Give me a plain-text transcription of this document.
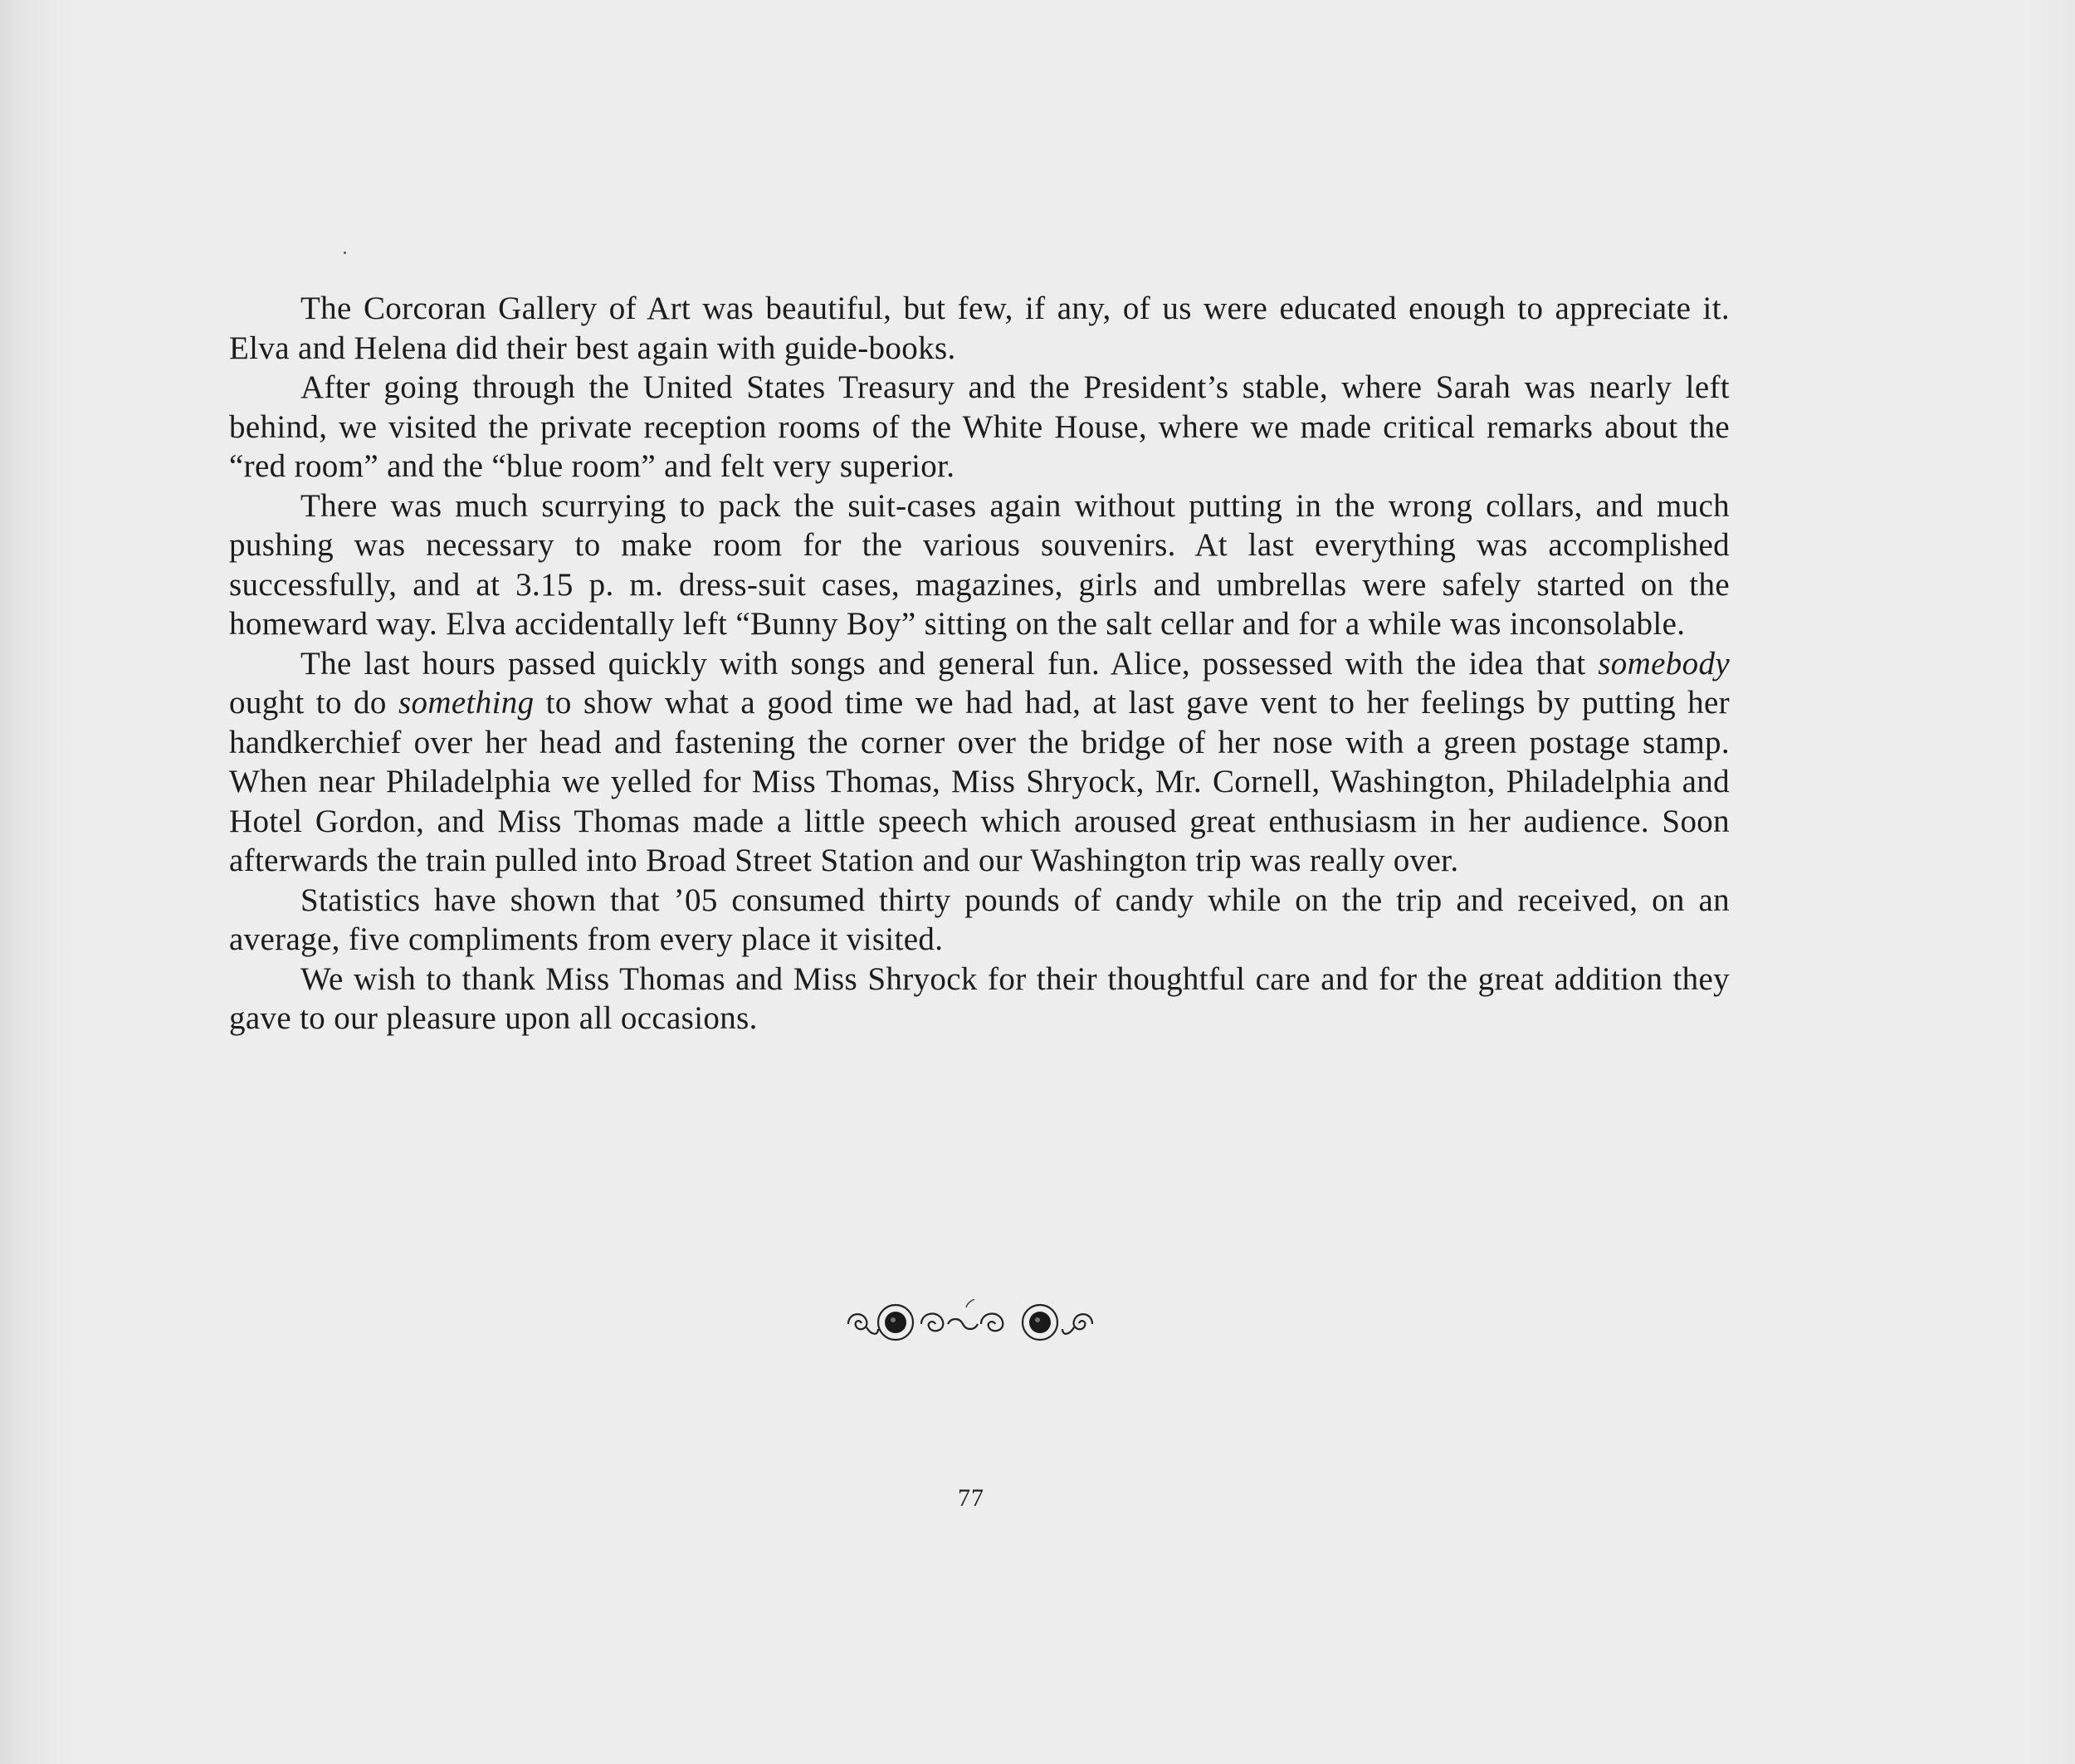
The Corcoran Gallery of Art was beautiful, but few, if any, of us were educated enough to appreciate it. Elva and Helena did their best again with guide-books.

After going through the United States Treasury and the President’s stable, where Sarah was nearly left behind, we visited the private reception rooms of the White House, where we made critical remarks about the “red room” and the “blue room” and felt very superior.

There was much scurrying to pack the suit-cases again without putting in the wrong collars, and much pushing was necessary to make room for the various souvenirs. At last everything was accomplished successfully, and at 3.15 p. m. dress-suit cases, magazines, girls and umbrellas were safely started on the homeward way. Elva accidentally left “Bunny Boy” sitting on the salt cellar and for a while was inconsolable.

The last hours passed quickly with songs and general fun. Alice, possessed with the idea that somebody ought to do something to show what a good time we had had, at last gave vent to her feelings by putting her handkerchief over her head and fastening the corner over the bridge of her nose with a green postage stamp. When near Philadelphia we yelled for Miss Thomas, Miss Shryock, Mr. Cornell, Washington, Philadelphia and Hotel Gordon, and Miss Thomas made a little speech which aroused great enthusiasm in her audience. Soon afterwards the train pulled into Broad Street Station and our Washington trip was really over.

Statistics have shown that ’05 consumed thirty pounds of candy while on the trip and received, on an average, five compliments from every place it visited.

We wish to thank Miss Thomas and Miss Shryock for their thoughtful care and for the great addition they gave to our pleasure upon all occasions.

77
